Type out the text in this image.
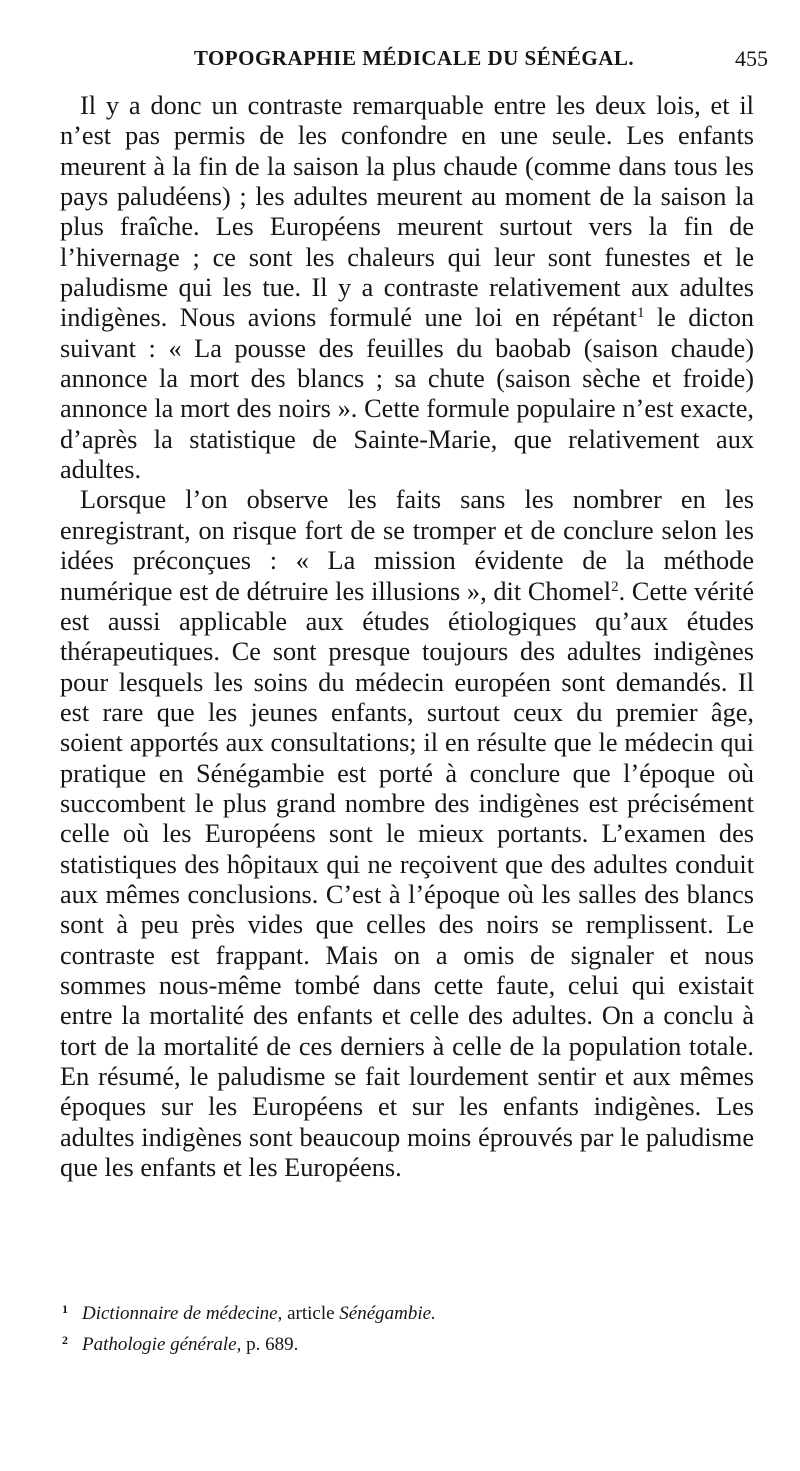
TOPOGRAPHIE MÉDICALE DU SÉNÉGAL.	455

Il y a donc un contraste remarquable entre les deux lois, et il n’est pas permis de les confondre en une seule. Les enfants meurent à la fin de la saison la plus chaude (comme dans tous les pays paludéens) ; les adultes meurent au moment de la saison la plus fraîche. Les Européens meurent surtout vers la fin de l’hivernage ; ce sont les chaleurs qui leur sont funestes et le paludisme qui les tue. Il y a contraste relativement aux adultes indigènes. Nous avions formulé une loi en répétant$^1$ le dicton suivant : « La pousse des feuilles du baobab (saison chaude) annonce la mort des blancs ; sa chute (saison sèche et froide) annonce la mort des noirs ». Cette formule populaire n’est exacte, d’après la statistique de Sainte-Marie, que relativement aux adultes.

Lorsque l’on observe les faits sans les nombrer en les enregistrant, on risque fort de se tromper et de conclure selon les idées préconçues : « La mission évidente de la méthode numérique est de détruire les illusions », dit Chomel$^2$. Cette vérité est aussi applicable aux études étiologiques qu’aux études thérapeutiques. Ce sont presque toujours des adultes indigènes pour lesquels les soins du médecin européen sont demandés. Il est rare que les jeunes enfants, surtout ceux du premier âge, soient apportés aux consultations; il en résulte que le médecin qui pratique en Sénégambie est porté à conclure que l’époque où succombent le plus grand nombre des indigènes est précisément celle où les Européens sont le mieux portants. L’examen des statistiques des hôpitaux qui ne reçoivent que des adultes conduit aux mêmes conclusions. C’est à l’époque où les salles des blancs sont à peu près vides que celles des noirs se remplissent. Le contraste est frappant. Mais on a omis de signaler et nous sommes nous-même tombé dans cette faute, celui qui existait entre la mortalité des enfants et celle des adultes. On a conclu à tort de la mortalité de ces derniers à celle de la population totale. En résumé, le paludisme se fait lourdement sentir et aux mêmes époques sur les Européens et sur les enfants indigènes. Les adultes indigènes sont beaucoup moins éprouvés par le paludisme que les enfants et les Européens.

$^1$ Dictionnaire de médecine, article Sénégambie.

$^2$ Pathologie générale, p. 689.
